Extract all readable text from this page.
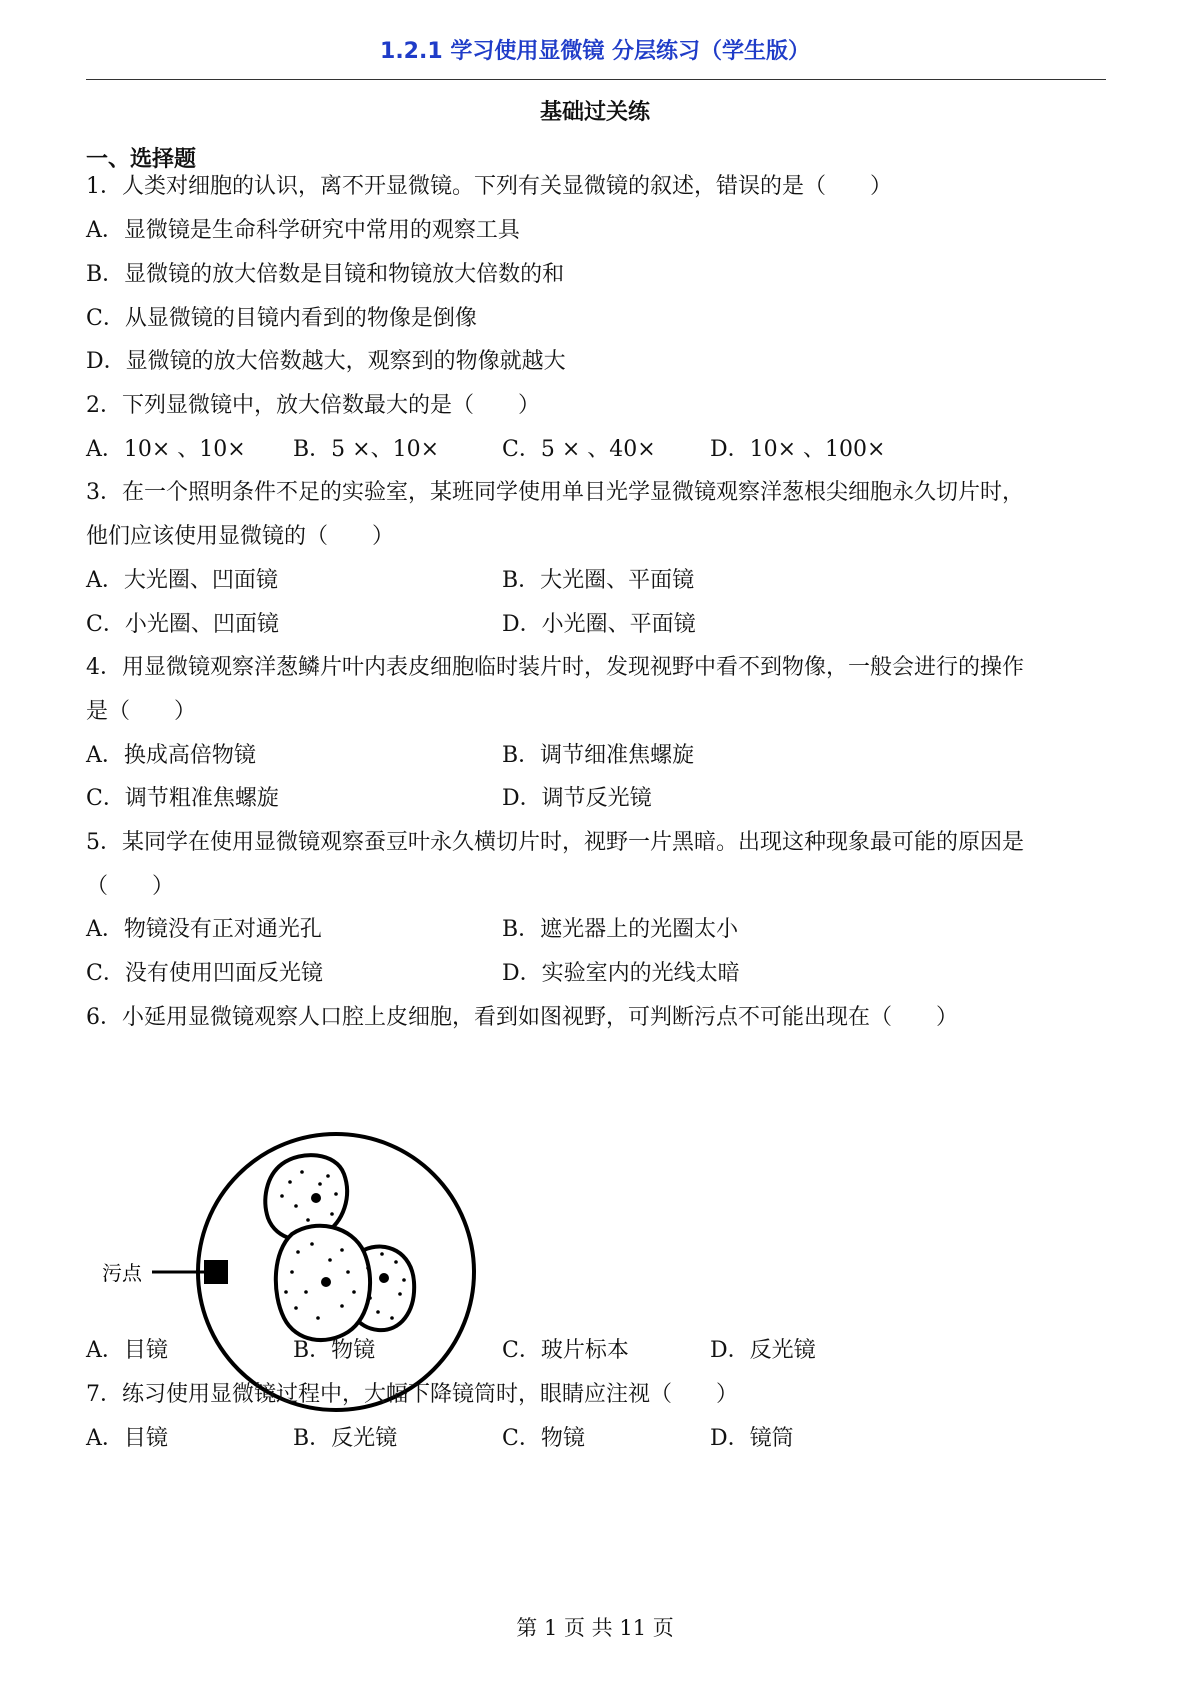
1.2.1 学习使用显微镜 分层练习（学生版）
基础过关练
一、选择题
1．人类对细胞的认识，离不开显微镜。下列有关显微镜的叙述，错误的是（　　）
A．显微镜是生命科学研究中常用的观察工具
B．显微镜的放大倍数是目镜和物镜放大倍数的和
C．从显微镜的目镜内看到的物像是倒像
D．显微镜的放大倍数越大，观察到的物像就越大
2．下列显微镜中，放大倍数最大的是（　　）
A．10× 、10× B．5 ×、10×	C．5 × 、40× D．10× 、100×
3．在一个照明条件不足的实验室，某班同学使用单目光学显微镜观察洋葱根尖细胞永久切片时，
他们应该使用显微镜的（　　）
A．大光圈、凹面镜	B．大光圈、平面镜
C．小光圈、凹面镜	D．小光圈、平面镜
4．用显微镜观察洋葱鳞片叶内表皮细胞临时装片时，发现视野中看不到物像，一般会进行的操作
是（　　）
A．换成高倍物镜	B．调节细准焦螺旋
C．调节粗准焦螺旋	D．调节反光镜
5．某同学在使用显微镜观察蚕豆叶永久横切片时，视野一片黑暗。出现这种现象最可能的原因是
（　　）
A．物镜没有正对通光孔	B．遮光器上的光圈太小
C．没有使用凹面反光镜	D．实验室内的光线太暗
6．小延用显微镜观察人口腔上皮细胞，看到如图视野，可判断污点不可能出现在（　　）
污点
A．目镜	B．物镜	C．玻片标本	D．反光镜
7．练习使用显微镜过程中，大幅下降镜筒时，眼睛应注视（　　）
A．目镜	B．反光镜	C．物镜	D．镜筒
第 1 页 共 11 页
